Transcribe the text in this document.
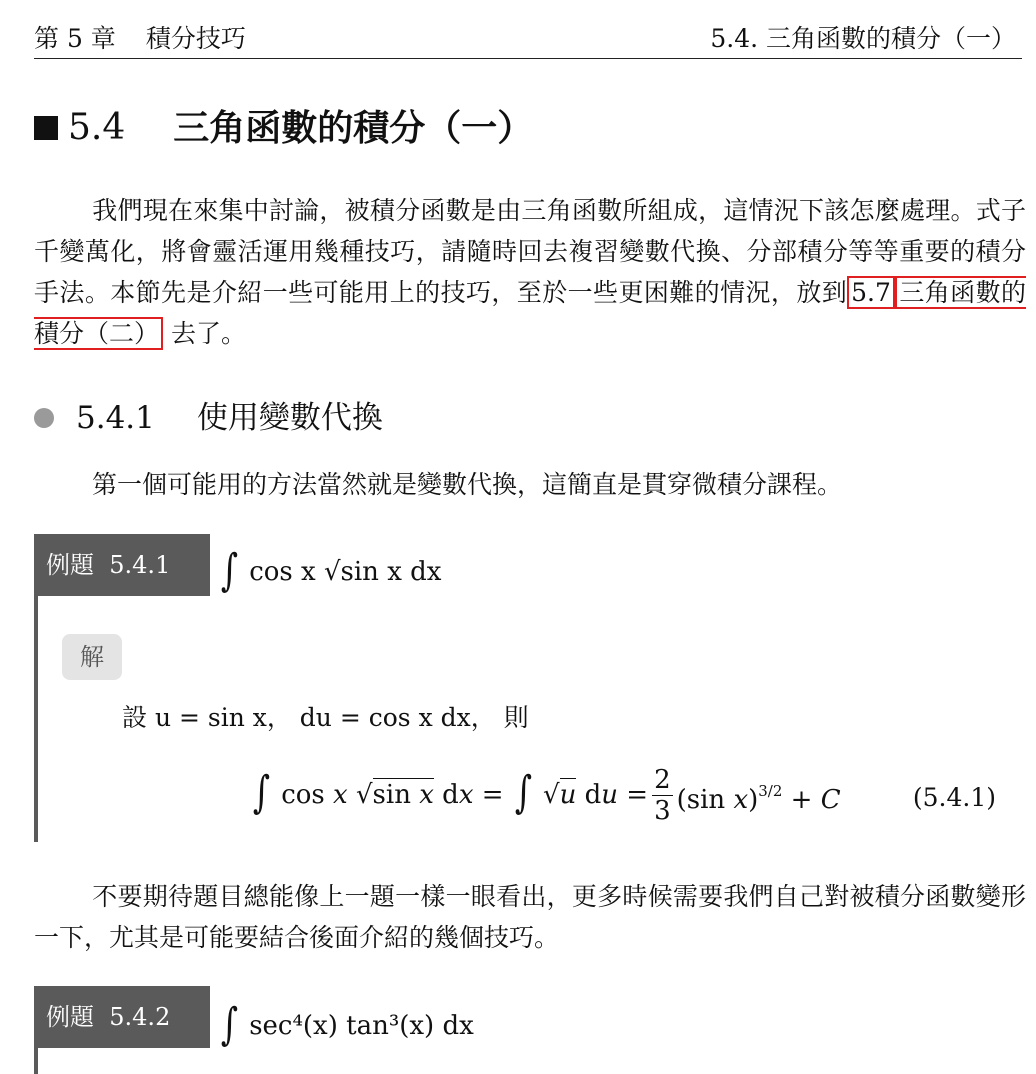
第 5 章 積分技巧	5.4. 三角函數的積分（一）
5.4 三角函數的積分（一）
我們現在來集中討論，被積分函數是由三角函數所組成，這情況下該怎麼處理。式子千變萬化，將會靈活運用幾種技巧，請隨時回去複習變數代換、分部積分等等重要的積分手法。本節先是介紹一些可能用上的技巧，至於一些更困難的情況，放到 5.7 三角函數的積分（二） 去了。
5.4.1 使用變數代換
第一個可能用的方法當然就是變數代換，這簡直是貫穿微積分課程。
例題 5.4.1	∫ cos x √sin x dx
解
設 u = sin x， du = cos x dx， 則
∫ cos x √sin x dx = ∫ √u du = $\frac{2}{3} (\sin$ x)$^{3/2}$ + C	(5.4.1)
不要期待題目總能像上一題一樣一眼看出，更多時候需要我們自己對被積分函數變形一下，尤其是可能要結合後面介紹的幾個技巧。
例題 5.4.2	∫ sec⁴(x) tan³(x) dx
